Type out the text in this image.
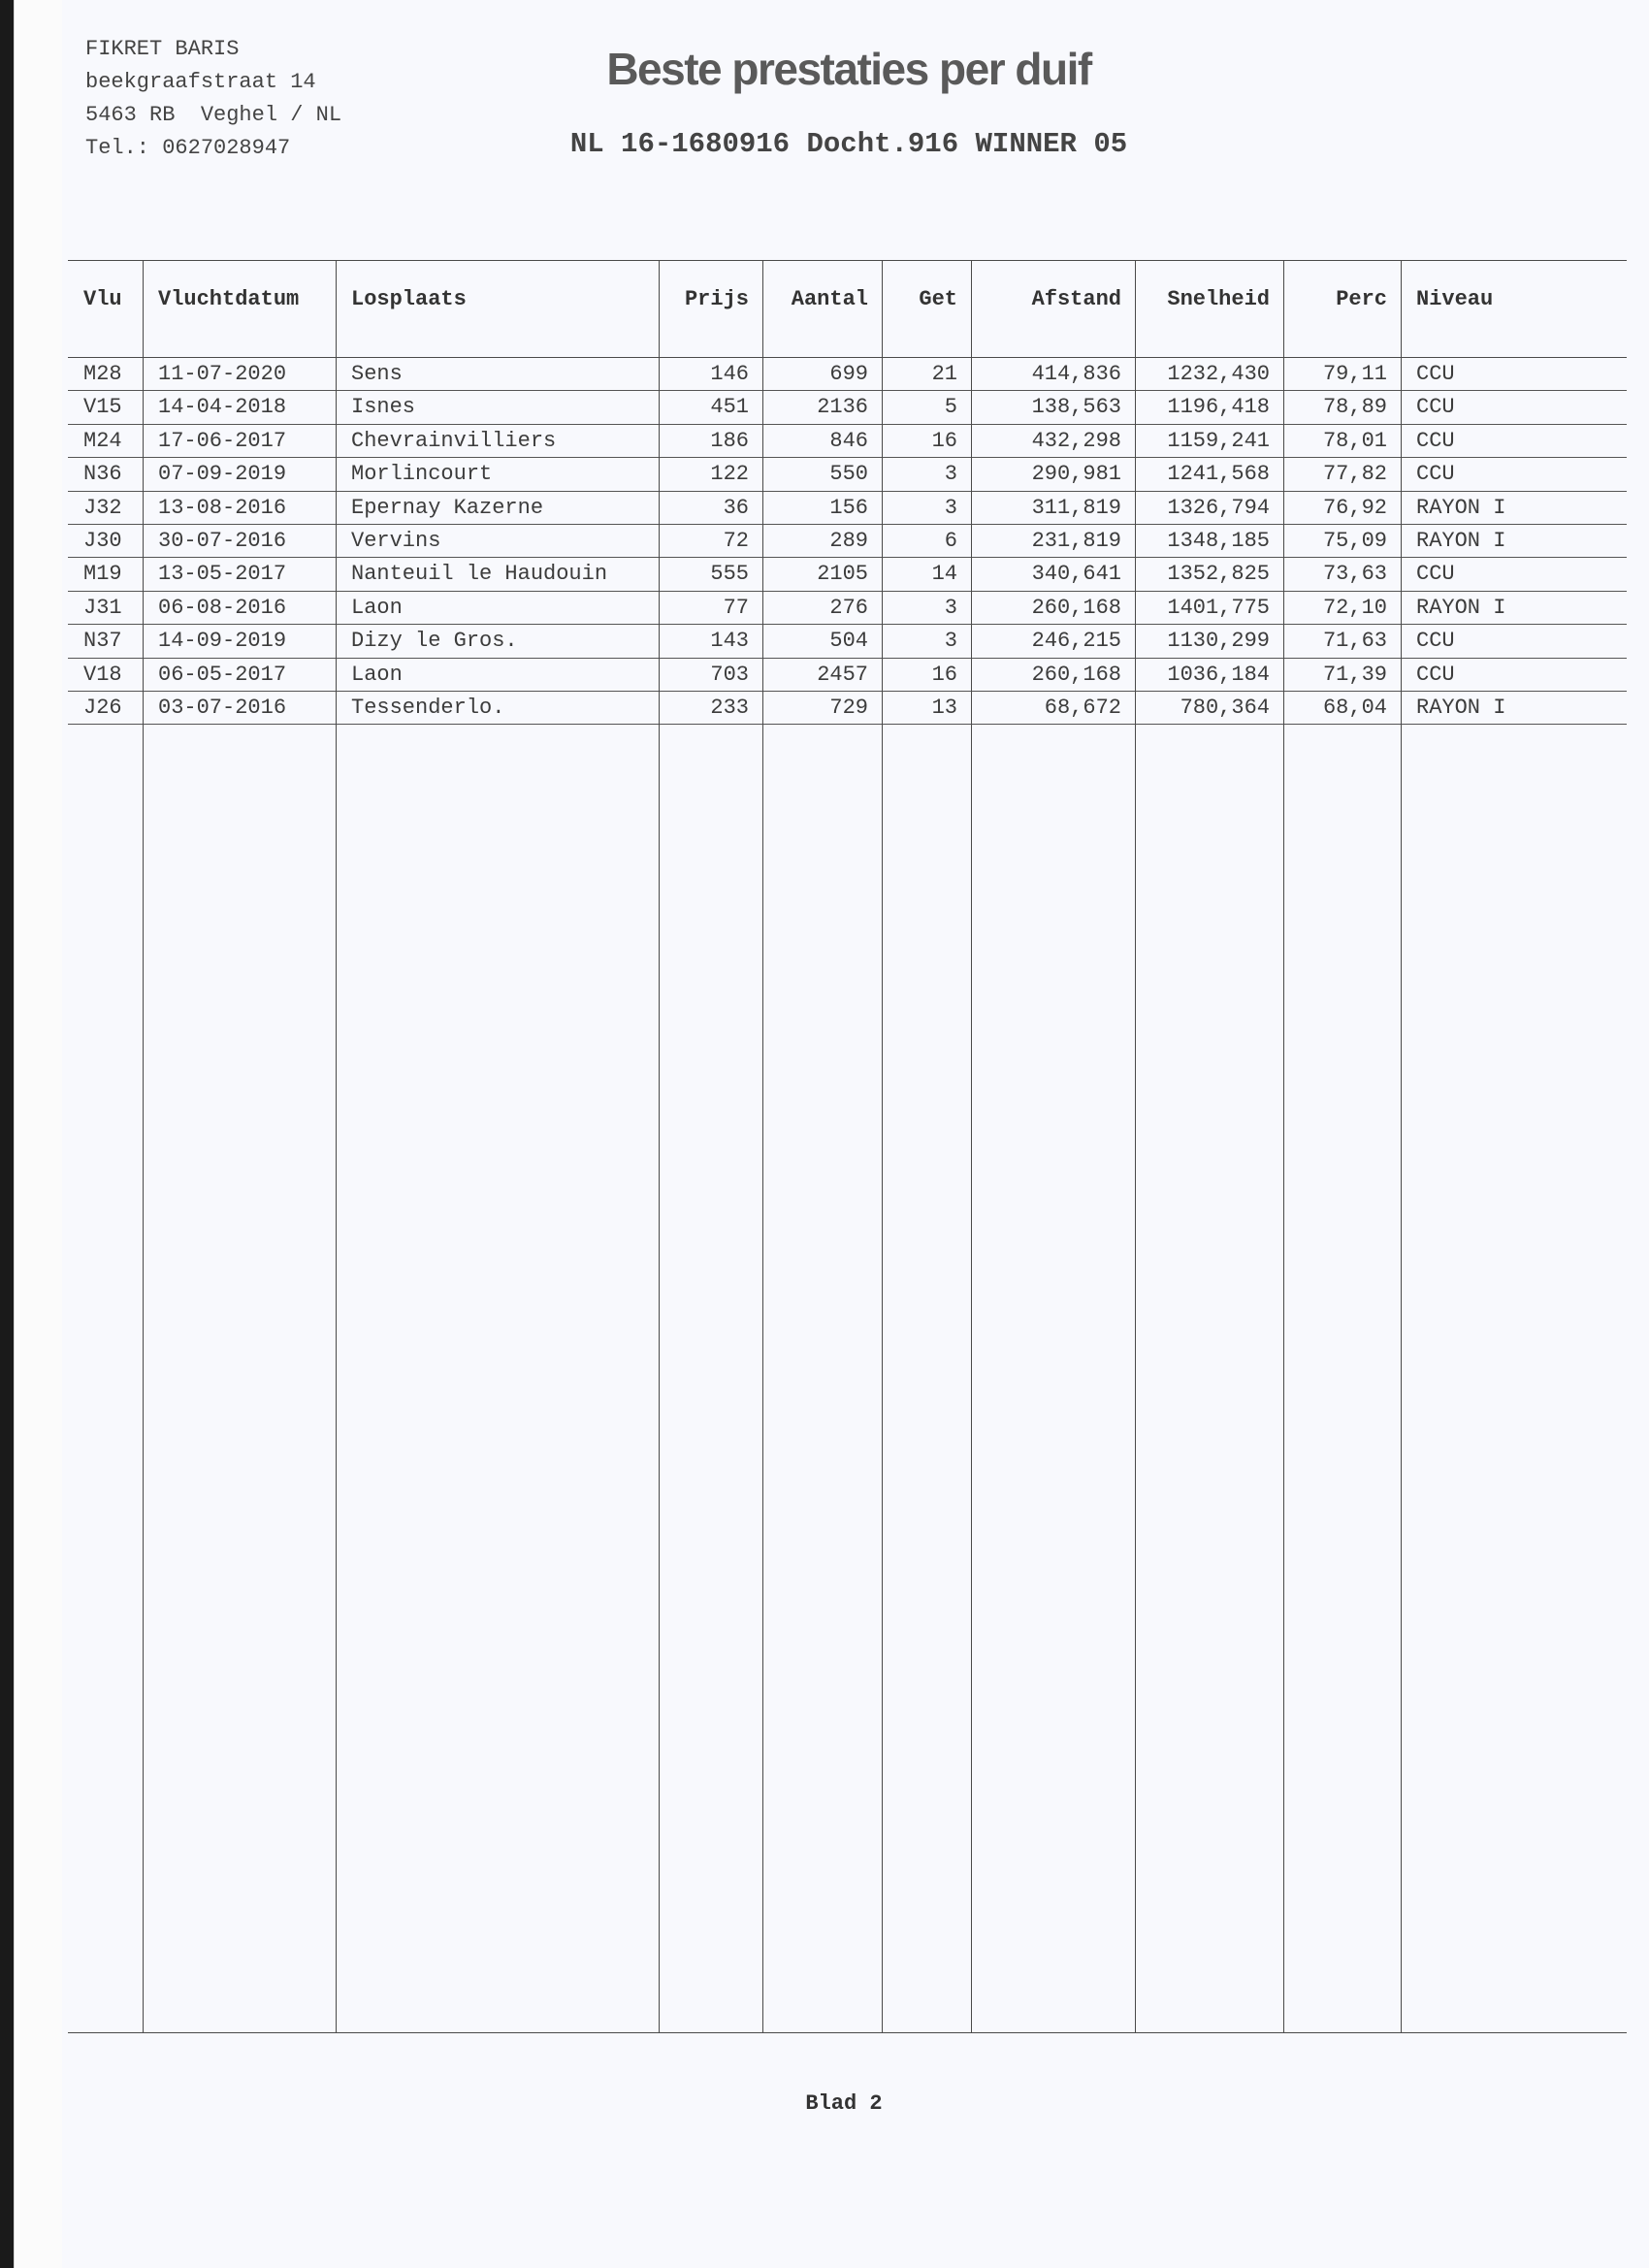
FIKRET BARIS
beekgraafstraat 14
5463 RB  Veghel / NL
Tel.: 0627028947
Beste prestaties per duif
NL 16-1680916 Docht.916 WINNER 05
Vlu Vluchtdatum Losplaats	Prijs Aantal Get	Afstand Snelheid	Perc Niveau
M28 11-07-2020	Sens	146	699	21	414,836 1232,430 79,11 CCU
V15 14-04-2018	Isnes	451	2136	5	138,563 1196,418 78,89 CCU
M24 17-06-2017	Chevrainvilliers	186	846	16	432,298 1159,241 78,01 CCU
N36 07-09-2019	Morlincourt	122	550	3	290,981 1241,568 77,82 CCU
J32 13-08-2016	Epernay Kazerne	36	156	3	311,819 1326,794 76,92 RAYON I
J30 30-07-2016	Vervins	72	289	6	231,819 1348,185 75,09 RAYON I
M19 13-05-2017	Nanteuil le Haudouin	555	2105	14	340,641 1352,825 73,63 CCU
J31 06-08-2016	Laon	77	276	3	260,168 1401,775 72,10 RAYON I
N37 14-09-2019	Dizy le Gros.	143	504	3	246,215 1130,299 71,63 CCU
V18 06-05-2017	Laon	703	2457	16	260,168 1036,184 71,39 CCU
J26 03-07-2016	Tessenderlo.	233	729	13	68,672	780,364 68,04 RAYON I
Blad 2
